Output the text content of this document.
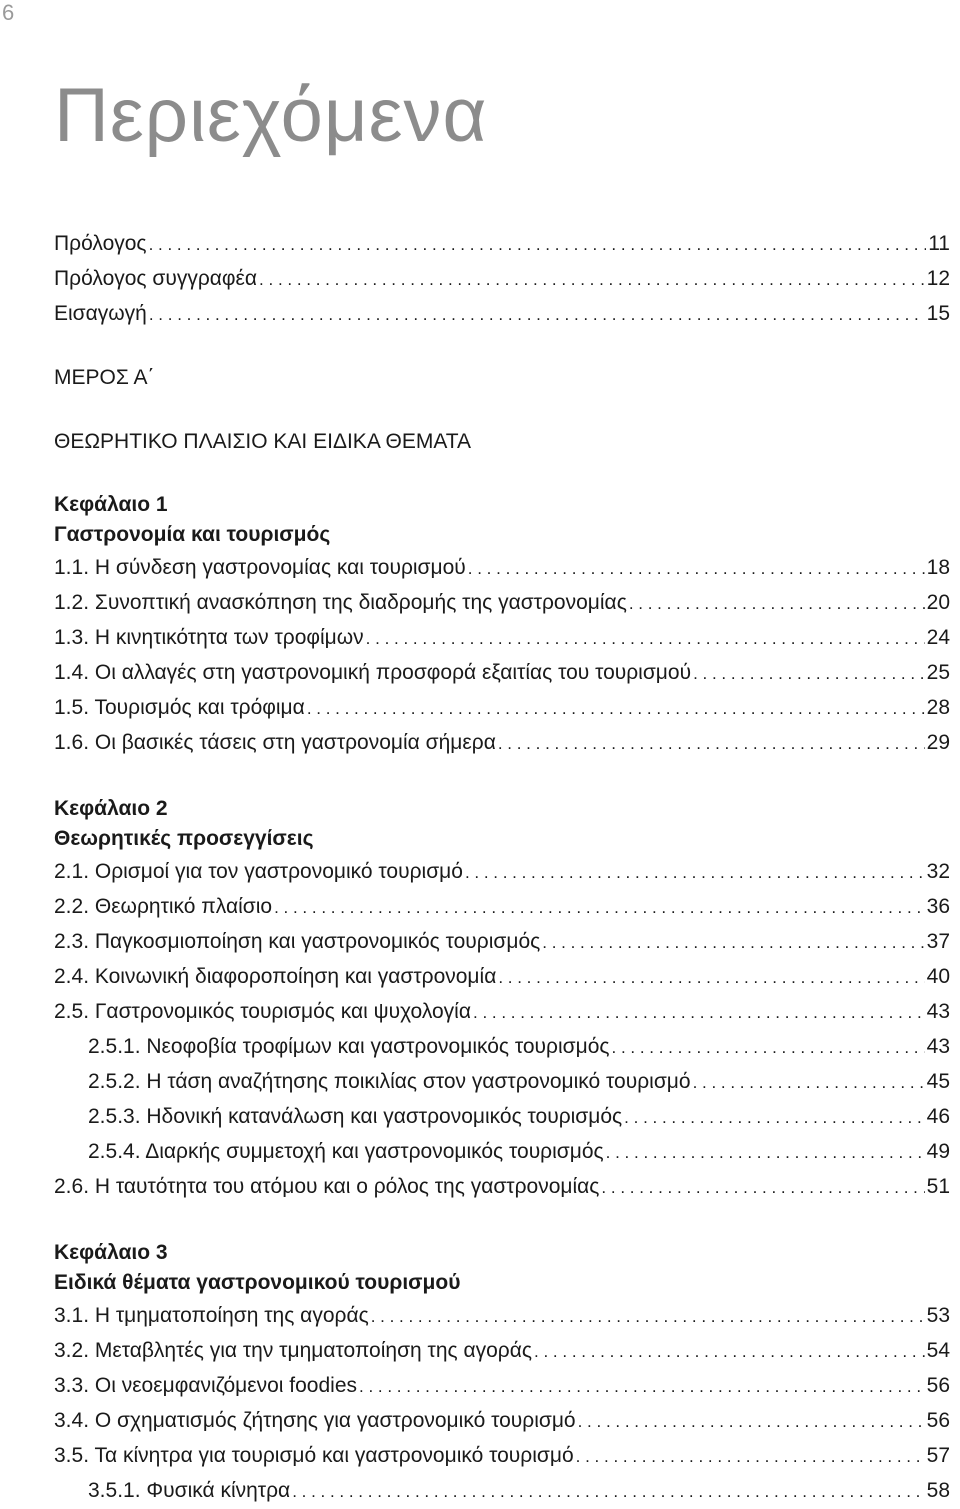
6
Περιεχόμενα
Πρόλογος . . .	11
Πρόλογος συγγραφέα . . .	12
Εισαγωγή . . .	15
ΜΕΡΟΣ Α΄
ΘΕΩΡΗΤΙΚΟ ΠΛΑΙΣΙΟ ΚΑΙ ΕΙΔΙΚΑ ΘΕΜΑΤΑ
Κεφάλαιο 1
Γαστρονομία και τουρισμός
1.1. Η σύνδεση γαστρονομίας και τουρισμού . . .	18
1.2. Συνοπτική ανασκόπηση της διαδρομής της γαστρονομίας . . .	20
1.3. Η κινητικότητα των τροφίμων . . .	24
1.4. Οι αλλαγές στη γαστρονομική προσφορά εξαιτίας του τουρισμού . . .	25
1.5. Τουρισμός και τρόφιμα . . .	28
1.6. Οι βασικές τάσεις στη γαστρονομία σήμερα . . .	29
Κεφάλαιο 2
Θεωρητικές προσεγγίσεις
2.1. Ορισμοί για τον γαστρονομικό τουρισμό . . .	32
2.2. Θεωρητικό πλαίσιο . . .	36
2.3. Παγκοσμιοποίηση και γαστρονομικός τουρισμός . . .	37
2.4. Κοινωνική διαφοροποίηση και γαστρονομία . . .	40
2.5. Γαστρονομικός τουρισμός και ψυχολογία . . .	43
2.5.1. Νεοφοβία τροφίμων και γαστρονομικός τουρισμός . . .	43
2.5.2. Η τάση αναζήτησης ποικιλίας στον γαστρονομικό τουρισμό . . .	45
2.5.3. Ηδονική κατανάλωση και γαστρονομικός τουρισμός . . .	46
2.5.4. Διαρκής συμμετοχή και γαστρονομικός τουρισμός . . .	49
2.6. Η ταυτότητα του ατόμου και ο ρόλος της γαστρονομίας . . .	51
Κεφάλαιο 3
Ειδικά θέματα γαστρονομικού τουρισμού
3.1. Η τμηματοποίηση της αγοράς . . .	53
3.2. Μεταβλητές για την τμηματοποίηση της αγοράς . . .	54
3.3. Οι νεοεμφανιζόμενοι foodies . . .	56
3.4. Ο σχηματισμός ζήτησης για γαστρονομικό τουρισμό . . .	56
3.5. Τα κίνητρα για τουρισμό και γαστρονομικό τουρισμό . . .	57
3.5.1. Φυσικά κίνητρα . . .	58
